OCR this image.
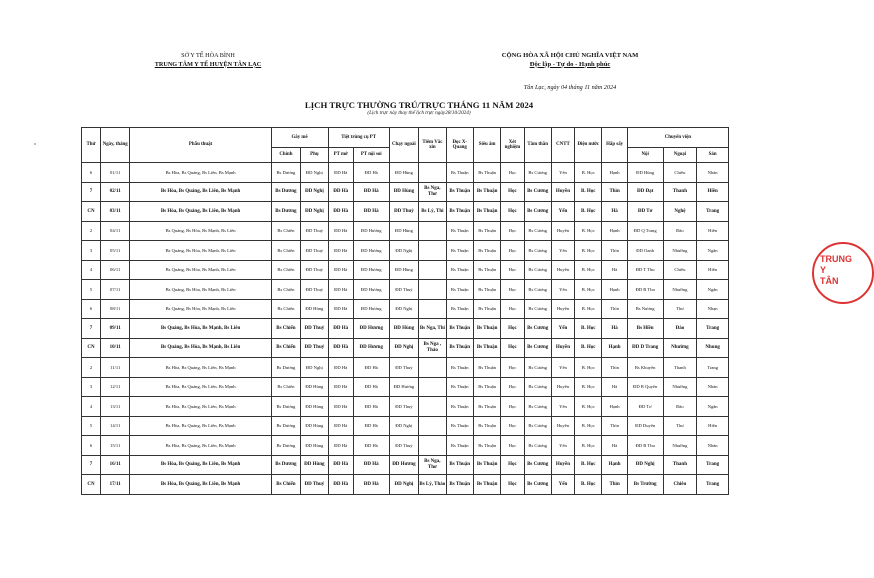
SỞ Y TẾ HÒA BÌNH
TRUNG TÂM Y TẾ HUYỆN TÂN LẠC
CỘNG HÒA XÃ HỘI CHỦ NGHĨA VIỆT NAM
Độc lập - Tự do - Hạnh phúc
Tân Lạc, ngày 04 tháng 11 năm 2024
LỊCH TRỰC THƯỜNG TRÚ/TRỰC THÁNG 11 NĂM 2024
(Lịch trực này thay thế lịch trực ngày28/10/2024)
Thứ	Ngày, tháng	Phẫu thuật	Gây mê		Tiệt trùng cụ PT		Chạy ngoài	Tiêm Vắc xin	Đọc X-Quang	Siêu âm	Xét nghiệm	Tâm thần	CNTT	Điện nước	Hấp sấy	Chuyển viện		
			Chính	Phụ	PT mở	PT nội soi										Nội	Ngoại	Sản
6	01/11	Bs Hòa, Bs Quảng, Bs Liên, Bs Mạnh	Bs Dương	ĐD Nghị	ĐD Hà	ĐD Hà	ĐD Hùng		Bs Thuận	Bs Thuận	Học	Bs Cương	Yến	B. Học	Hạnh	ĐD Hùng	Chiêu	Nhàn
7	02/11	Bs Hòa, Bs Quảng, Bs Liên, Bs Mạnh	Bs Dương	ĐD Nghị	ĐD Hà	ĐD Hà	ĐD Hùng	Bs Nga, Thơ	Bs Thuận	Bs Thuận	Học	Bs Cương	Huyền	B. Học	Thìn	ĐD Đạt	Thanh	Hiền
CN	03/11	Bs Hòa, Bs Quảng, Bs Liên, Bs Mạnh	Bs Dương	ĐD Nghị	ĐD Hà	ĐD Hà	ĐD Thuỷ	Bs Lý, Thi	Bs Thuận	Bs Thuận	Học	Bs Cương	Yến	B. Học	Hà	ĐD Tơ	Nghệ	Trang
2	04/11	Bs Quảng, Bs Hòa, Bs Mạnh, Bs Liên	Bs Chiến	ĐD Thuỷ	ĐD Hà	ĐD Hương	ĐD Hùng		Bs Thuận	Bs Thuận	Học	Bs Cương	Huyền	B. Học	Hạnh	ĐD Q Trang	Đào	Hiền
3	05/11	Bs Quảng, Bs Hòa, Bs Mạnh, Bs Liên	Bs Chiến	ĐD Thuỷ	ĐD Hà	ĐD Hương	ĐD Nghị		Bs Thuận	Bs Thuận	Học	Bs Cương	Yến	B. Học	Thìn	ĐD Oanh	Nhường	Ngân
4	06/11	Bs Quảng, Bs Hòa, Bs Mạnh, Bs Liên	Bs Chiến	ĐD Thuỷ	ĐD Hà	ĐD Hương	ĐD Hùng		Bs Thuận	Bs Thuận	Học	Bs Cương	Huyền	B. Học	Hà	ĐD T Thu	Chiêu	Hiền
5	07/11	Bs Quảng, Bs Hòa, Bs Mạnh, Bs Liên	Bs Chiến	ĐD Thuỷ	ĐD Hà	ĐD Hương	ĐD Thuỷ		Bs Thuận	Bs Thuận	Học	Bs Cương	Yến	B. Học	Hạnh	ĐD B Thu	Nhường	Ngân
6	08/11	Bs Quảng, Bs Hòa, Bs Mạnh, Bs Liên	Bs Chiến	ĐD Hùng	ĐD Hà	ĐD Hương	ĐD Nghị		Bs Thuận	Bs Thuận	Học	Bs Cương	Huyền	B. Học	Thìn	Bs Nương	Thư	Nhạn
7	09/11	Bs Quảng, Bs Hòa, Bs Mạnh, Bs Liên	Bs Chiến	ĐD Thuỷ	ĐD Hà	ĐD Hương	ĐD Hùng	Bs Nga, Thi	Bs Thuận	Bs Thuận	Học	Bs Cương	Yến	B. Học	Hà	Bs Hiền	Đào	Trang
CN	10/11	Bs Quảng, Bs Hòa, Bs Mạnh, Bs Liên	Bs Chiến	ĐD Thuỷ	ĐD Hà	ĐD Hương	ĐD Nghị	Bs Nga , Thảo	Bs Thuận	Bs Thuận	Học	Bs Cương	Huyền	B. Học	Hạnh	ĐD D Trang	Nhường	Nhung
2	11/11	Bs Hòa, Bs Quảng, Bs Liên, Bs Mạnh	Bs Dương	ĐD Nghị	ĐD Hà	ĐD Hà	ĐD Thuỷ		Bs Thuận	Bs Thuận	Học	Bs Cương	Yến	B. Học	Thìn	Bs Khuyên	Thanh	Trang
3	12/11	Bs Hòa, Bs Quảng, Bs Liên, Bs Mạnh	Bs Chiến	ĐD Hùng	ĐD Hà	ĐD Hà	ĐD Hương		Bs Thuận	Bs Thuận	Học	Bs Cương	Huyền	B. Học	Hà	ĐD B Quyên	Nhường	Nhàn
4	13/11	Bs Hòa, Bs Quảng, Bs Liên, Bs Mạnh	Bs Dương	ĐD Hùng	ĐD Hà	ĐD Hà	ĐD Thuỷ		Bs Thuận	Bs Thuận	Học	Bs Cương	Yến	B. Học	Hạnh	ĐD Tơ	Đào	Ngân
5	14/11	Bs Hòa, Bs Quảng, Bs Liên, Bs Mạnh	Bs Dương	ĐD Hùng	ĐD Hà	ĐD Hà	ĐD Nghị		Bs Thuận	Bs Thuận	Học	Bs Cương	Huyền	B. Học	Thìn	ĐD Duyên	Thư	Hiền
6	15/11	Bs Hòa, Bs Quảng, Bs Liên, Bs Mạnh	Bs Dương	ĐD Hùng	ĐD Hà	ĐD Hà	ĐD Thuỷ		Bs Thuận	Bs Thuận	Học	Bs Cương	Yến	B. Học	Hà	ĐD B Thu	Nhường	Nhàn
7	16/11	Bs Hòa, Bs Quảng, Bs Liên, Bs Mạnh	Bs Dương	ĐD Hùng	ĐD Hà	ĐD Hà	ĐD Hương	Bs Nga, Thơ	Bs Thuận	Bs Thuận	Học	Bs Cương	Huyền	B. Học	Hạnh	ĐD Nghị	Thanh	Trang
CN	17/11	Bs Hòa, Bs Quảng, Bs Liên, Bs Mạnh	Bs Chiến	ĐD Thuỷ	ĐD Hà	ĐD Hà	ĐD Nghị	Bs Lý, Thảo	Bs Thuận	Bs Thuận	Học	Bs Cương	Yến	B. Học	Thìn	Bs Trường	Chiêu	Trang
TRUNG
Y
TÂN
